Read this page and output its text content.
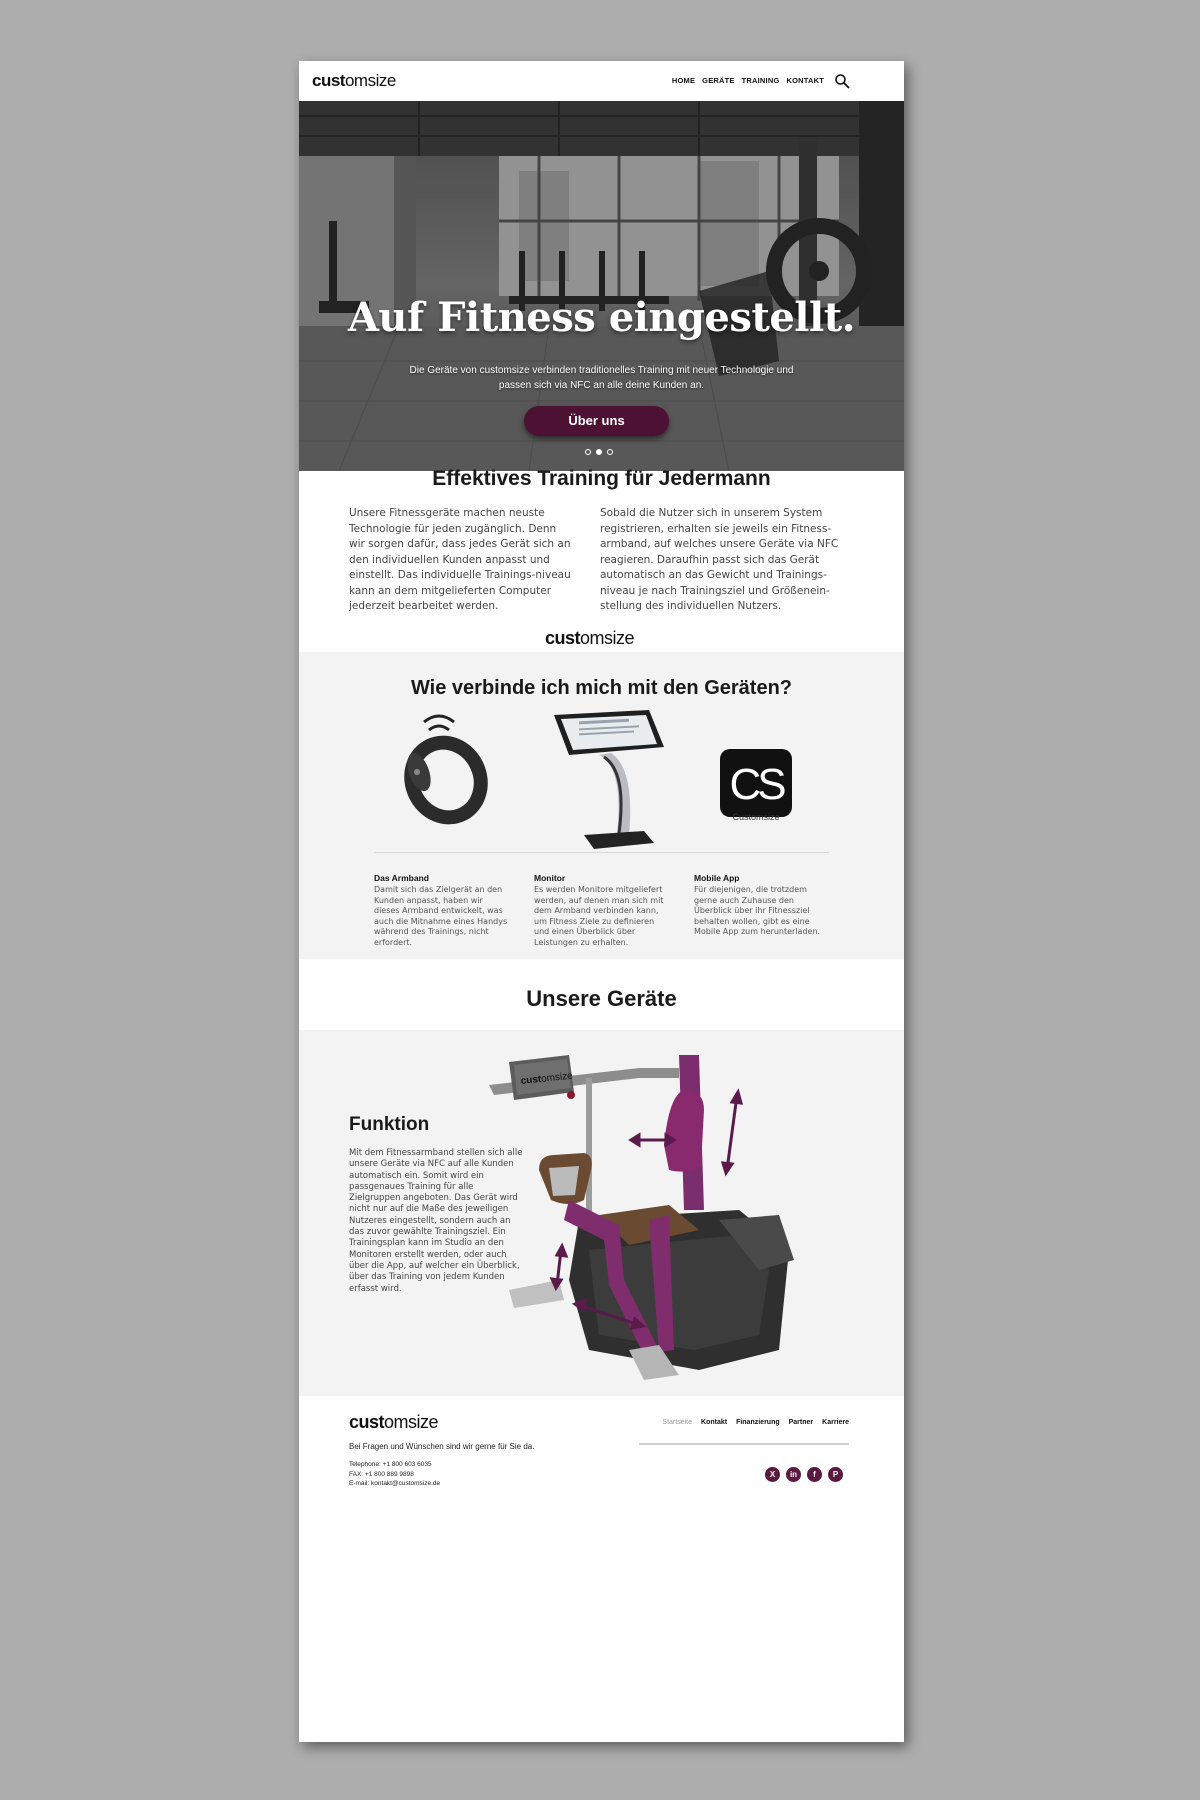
customsize	HOME GERÄTE TRAINING KONTAKT
Auf Fitness eingestellt.

Die Geräte von customsize verbinden traditionelles Training mit neuer Technologie und passen sich via NFC an alle deine Kunden an.

Über uns
Effektives Training für Jedermann
Unsere Fitnessgeräte machen neuste Technologie für jeden zugänglich. Denn wir sorgen dafür, dass jedes Gerät sich an den individuellen Kunden anpasst und einstellt. Das individuelle Trainings-niveau kann an dem mitgelieferten Computer jederzeit bearbeitet werden.
Sobald die Nutzer sich in unserem System registrieren, erhalten sie jeweils ein Fitness-armband, auf welches unsere Geräte via NFC reagieren. Daraufhin passt sich das Gerät automatisch an das Gewicht und Trainings-niveau je nach Trainingsziel und Größenein-stellung des individuellen Nutzers.
customsize
Wie verbinde ich mich mit den Geräten?
CS
Customsize
Das Armband

Damit sich das Zielgerät an den Kunden anpasst, haben wir dieses Armband entwickelt, was auch die Mitnahme eines Handys während des Trainings, nicht erfordert.

Monitor

Es werden Monitore mitgeliefert werden, auf denen man sich mit dem Armband verbinden kann, um Fitness Ziele zu definieren und einen Überblick über Leistungen zu erhalten.

Mobile App

Für diejenigen, die trotzdem gerne auch Zuhause den Überblick über ihr Fitnessziel behalten wollen, gibt es eine Mobile App zum herunterladen.

Unsere Geräte
Funktion

Mit dem Fitnessarmband stellen sich alle unsere Geräte via NFC auf alle Kunden automatisch ein. Somit wird ein passgenaues Training für alle Zielgruppen angeboten. Das Gerät wird nicht nur auf die Maße des jeweiligen Nutzeres eingestellt, sondern auch an das zuvor gewählte Trainingsziel. Ein Trainingsplan kann im Studio an den Monitoren erstellt werden, oder auch über die App, auf welcher ein Überblick, über das Training von jedem Kunden erfasst wird.

customsize
customsize
Bei Fragen und Wünschen sind wir gerne für Sie da.
Telephone: +1 800 603 6035
FAX: +1 800 889 9898
E-mail: kontakt@customsize.de
Startseite Kontakt Finanzierung Partner Karriere
X	in	f	P
